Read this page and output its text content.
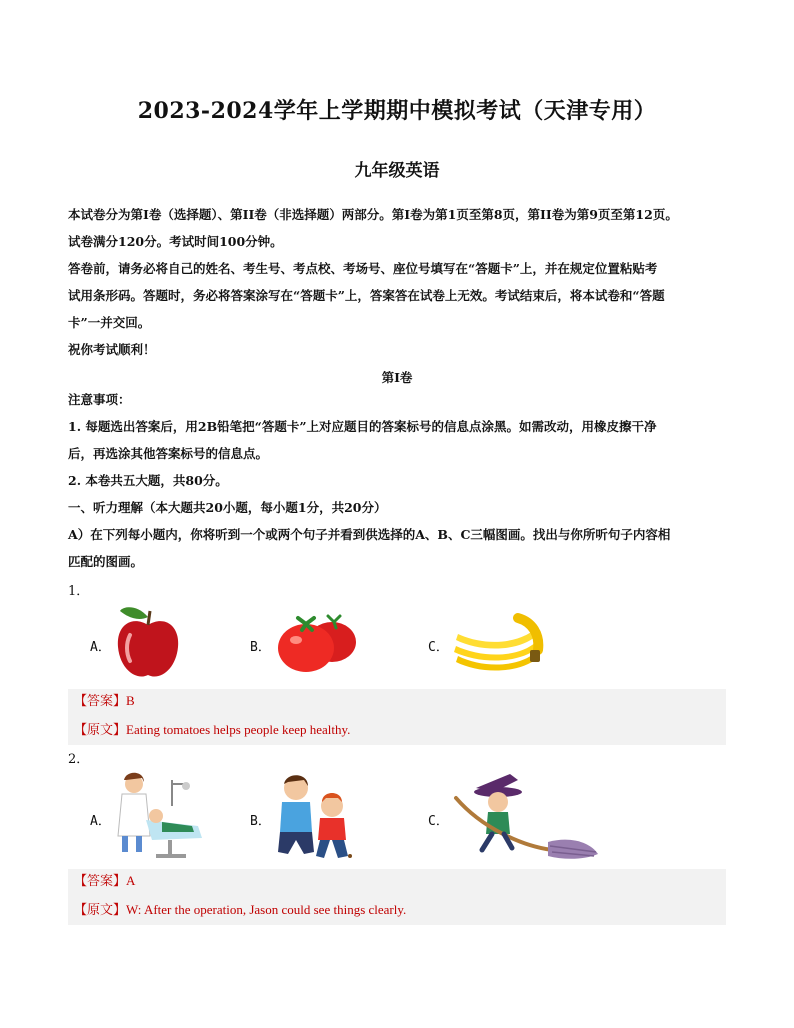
2023-2024学年上学期期中模拟考试（天津专用）
九年级英语
本试卷分为第I卷（选择题）、第II卷（非选择题）两部分。第I卷为第1页至第8页，第II卷为第9页至第12页。
试卷满分120分。考试时间100分钟。
答卷前，请务必将自己的姓名、考生号、考点校、考场号、座位号填写在“答题卡”上，并在规定位置粘贴考
试用条形码。答题时，务必将答案涂写在“答题卡”上，答案答在试卷上无效。考试结束后，将本试卷和“答题
卡”一并交回。
祝你考试顺利！
第I卷
注意事项：
1. 每题选出答案后，用2B铅笔把“答题卡”上对应题目的答案标号的信息点涂黑。如需改动，用橡皮擦干净
后，再选涂其他答案标号的信息点。
2. 本卷共五大题，共80分。
一、听力理解（本大题共20小题，每小题1分，共20分）
A）在下列每小题内，你将听到一个或两个句子并看到供选择的A、B、C三幅图画。找出与你所听句子内容相
匹配的图画。
1．
A．	B．	C．
【答案】B
【原文】Eating tomatoes helps people keep healthy.
2．
A．	B．	C．
【答案】A
【原文】W: After the operation, Jason could see things clearly.
